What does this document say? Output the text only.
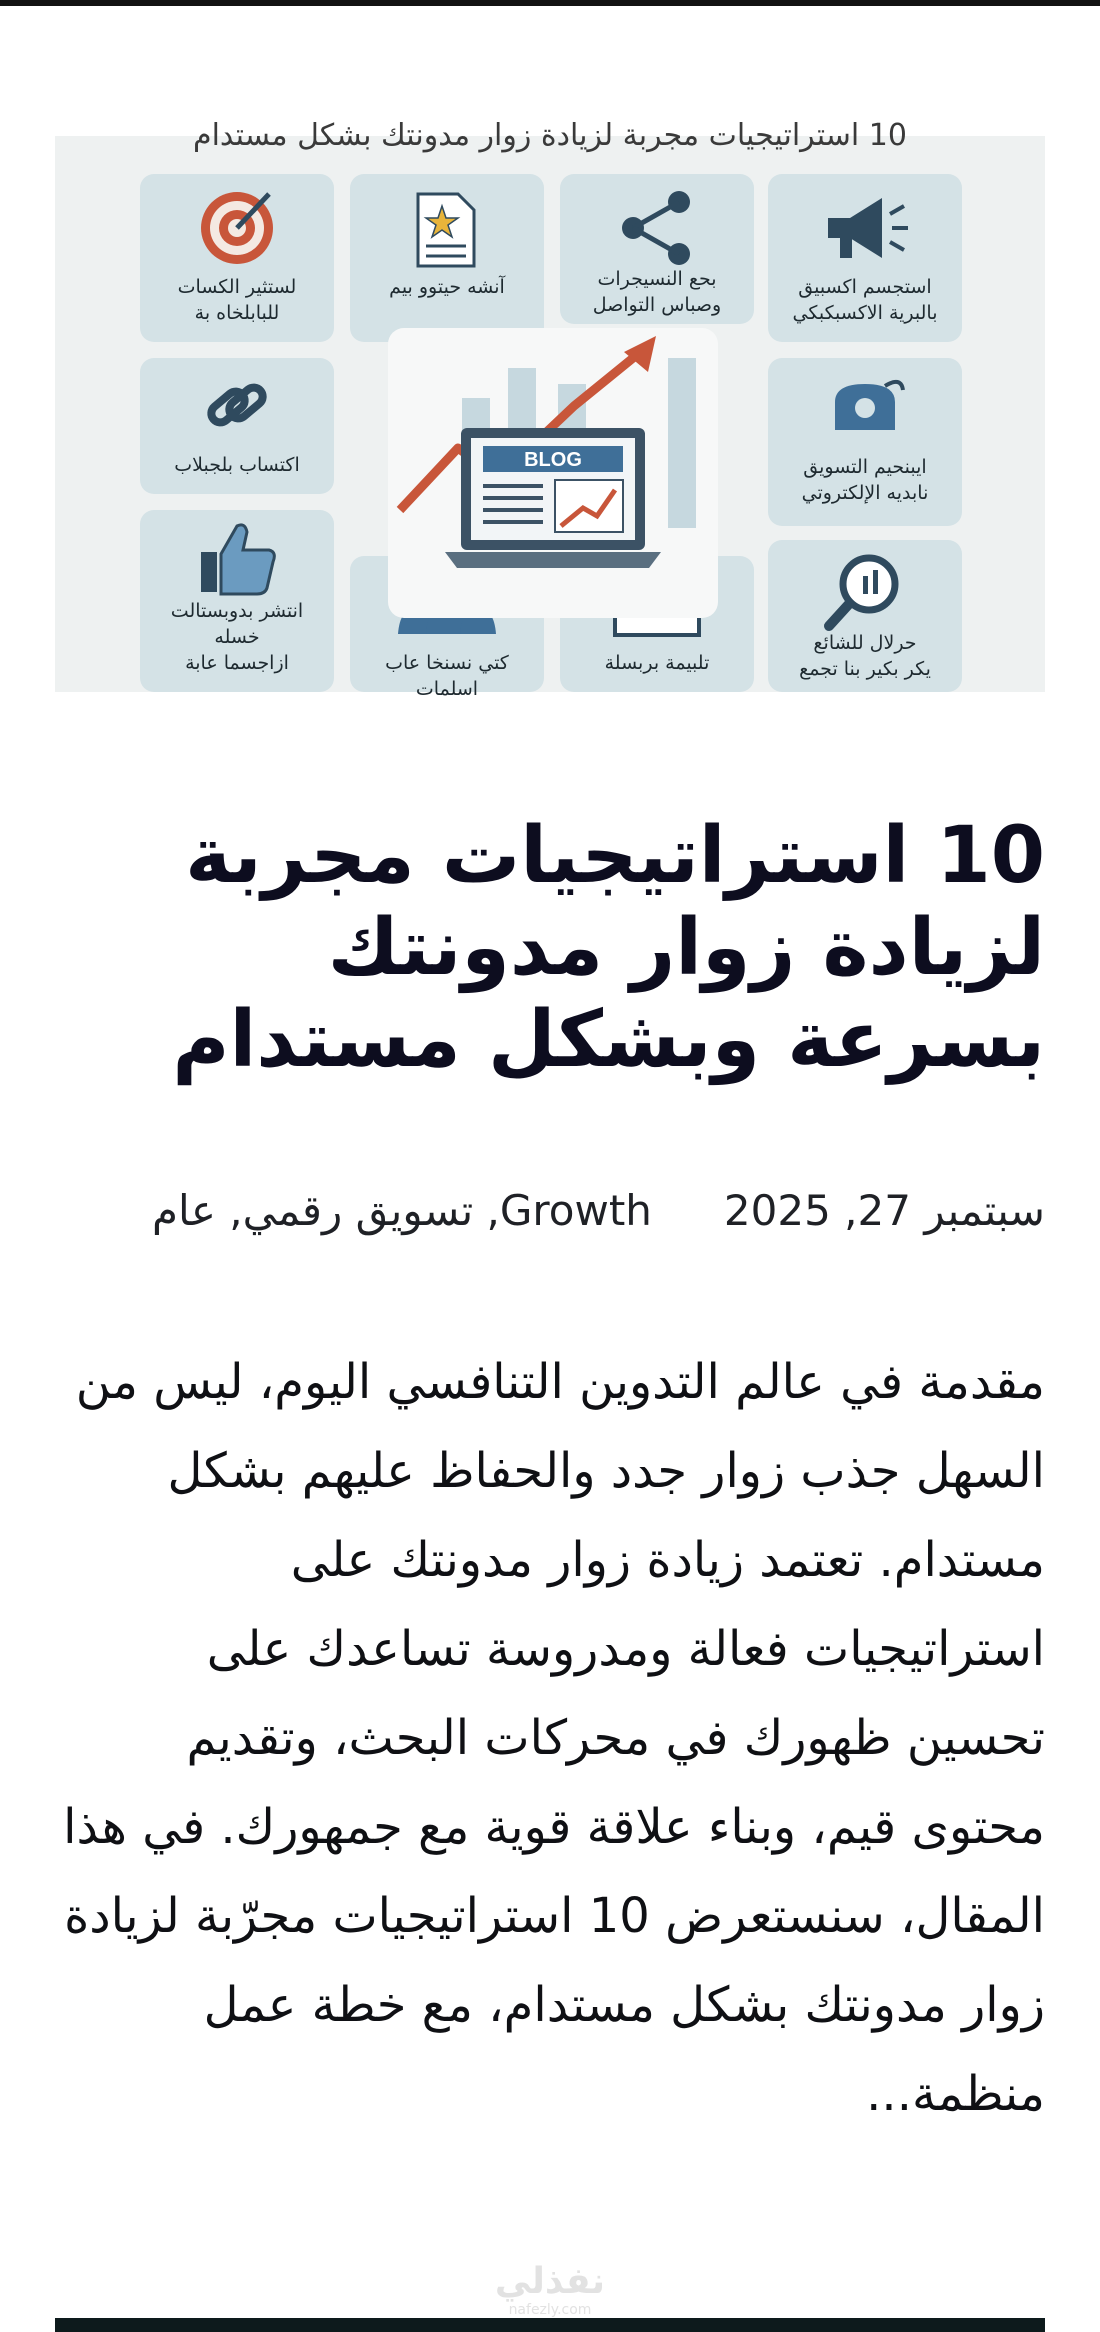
10 استراتيجيات مجربة لزيادة زوار مدونتك بشكل مستدام
لستثير الكسات
للبابلخاه بة
اكتساب بلجبلاب
انتشر بدوبستالت
خسله
ازاجسما عابة
آنشه حيتوو بيم
كتي نسنخا عاب
اسلمات
بحع النسيجرات
وصباس التواصل
تلبيمة بربسلة
BLOG
استجسم اكسبيق
بالبرية الاكسبكبكي
ايبنحيم التسويق
نابديه الإلكتروتي
حرلال للشائع
يكر بكير بنا تجمع
10 استراتيجيات مجربة لزيادة زوار مدونتك بسرعة وبشكل مستدام
سبتمبر 27, 2025
Growth, تسويق رقمي, عام

مقدمة في عالم التدوين التنافسي اليوم، ليس من السهل جذب زوار جدد والحفاظ عليهم بشكل مستدام. تعتمد زيادة زوار مدونتك على استراتيجيات فعالة ومدروسة تساعدك على تحسين ظهورك في محركات البحث، وتقديم محتوى قيم، وبناء علاقة قوية مع جمهورك. في هذا المقال، سنستعرض 10 استراتيجيات مجرّبة لزيادة زوار مدونتك بشكل مستدام، مع خطة عمل منظمة...

نفذلي
nafezly.com
